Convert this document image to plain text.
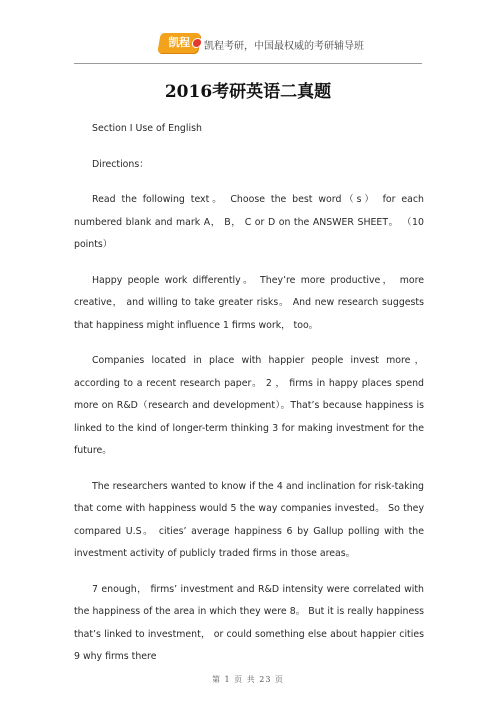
凯程	凯程考研，中国最权威的考研辅导班
2016考研英语二真题

Section I Use of English

Directions：

Read the following text。 Choose the best word（s） for each numbered blank and mark A， B， C or D on the ANSWER SHEET。 （10 points）

Happy people work differently。 They’re more productive， more creative， and willing to take greater risks。 And new research suggests that happiness might influence 1 firms work， too。

Companies located in place with happier people invest more， according to a recent research paper。 2 ， firms in happy places spend more on R&D（research and development）。That’s because happiness is linked to the kind of longer-term thinking 3 for making investment for the future。

The researchers wanted to know if the 4 and inclination for risk-taking that come with happiness would 5 the way companies invested。 So they compared U.S。 cities’ average happiness 6 by Gallup polling with the investment activity of publicly traded firms in those areas。

7 enough， firms’ investment and R&D intensity were correlated with the happiness of the area in which they were 8。 But it is really happiness that’s linked to investment， or could something else about happier cities 9 why firms there

第 1 页 共 23 页
